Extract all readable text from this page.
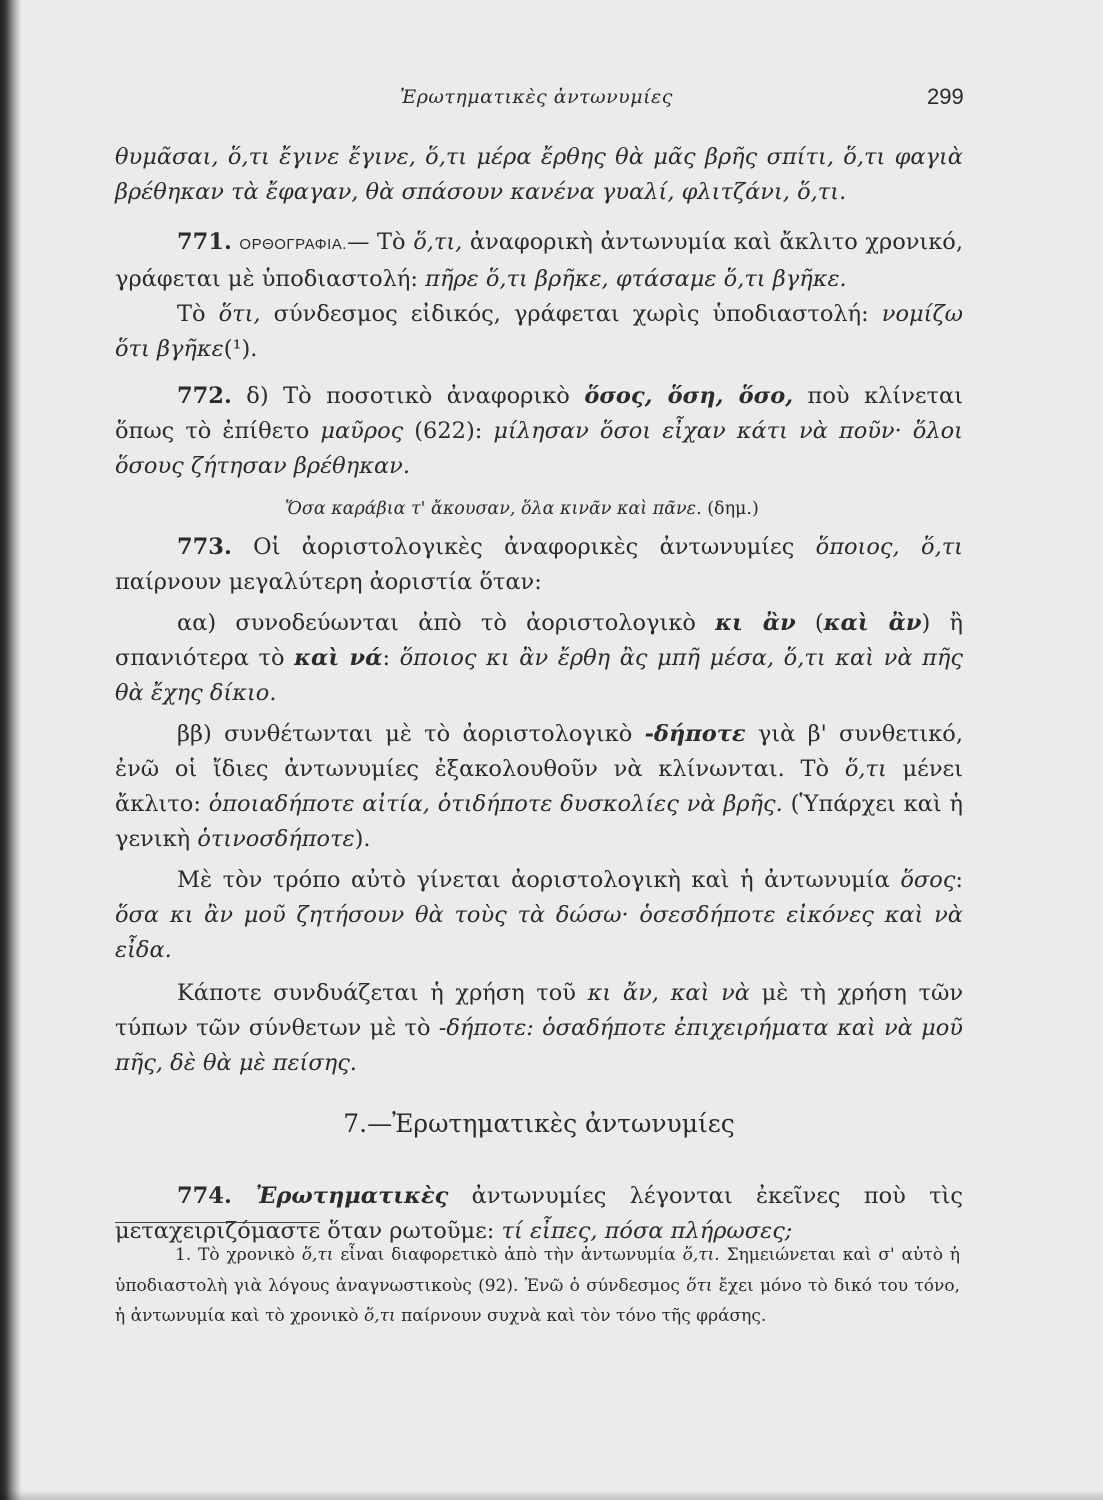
Ἐρωτηματικὲς ἀντωνυμίες	299

θυμᾶσαι, ὅ,τι ἔγινε ἔγινε, ὅ,τι μέρα ἔρθης θὰ μᾶς βρῆς σπίτι, ὅ,τι φαγιὰ βρέθηκαν τὰ ἔφαγαν, θὰ σπάσουν κανένα γυαλί, φλιτζάνι, ὅ,τι.

771. ΟΡΘΟΓΡΑΦΙΑ.— Τὸ ὅ,τι, ἀναφορικὴ ἀντωνυμία καὶ ἄκλιτο χρονικό, γράφεται μὲ ὑποδιαστολή: πῆρε ὅ,τι βρῆκε, φτάσαμε ὅ,τι βγῆκε.

Τὸ ὅτι, σύνδεσμος εἰδικός, γράφεται χωρὶς ὑποδιαστολή: νομίζω ὅτι βγῆκε(¹).

772. δ) Τὸ ποσοτικὸ ἀναφορικὸ ὅσος, ὅση, ὅσο, ποὺ κλίνεται ὅπως τὸ ἐπίθετο μαῦρος (622): μίλησαν ὅσοι εἶχαν κάτι νὰ ποῦν· ὅλοι ὅσους ζήτησαν βρέθηκαν.

Ὅσα καράβια τ' ἄκουσαν, ὅλα κινᾶν καὶ πᾶνε. (δημ.)

773. Οἱ ἀοριστολογικὲς ἀναφορικὲς ἀντωνυμίες ὅποιος, ὅ,τι παίρνουν μεγαλύτερη ἀοριστία ὅταν:

αα) συνοδεύωνται ἀπὸ τὸ ἀοριστολογικὸ κι ἂν (καὶ ἂν) ἢ σπανιότερα τὸ καὶ νά: ὅποιος κι ἂν ἔρθη ἂς μπῆ μέσα, ὅ,τι καὶ νὰ πῆς θὰ ἔχης δίκιο.

ββ) συνθέτωνται μὲ τὸ ἀοριστολογικὸ -δήποτε γιὰ β' συνθετικό, ἐνῶ οἱ ἴδιες ἀντωνυμίες ἐξακολουθοῦν νὰ κλίνωνται. Τὸ ὅ,τι μένει ἄκλιτο: ὁποιαδήποτε αἰτία, ὁτιδήποτε δυσκολίες νὰ βρῆς. (Ὑπάρχει καὶ ἡ γενικὴ ὁτινοσδήποτε).

Μὲ τὸν τρόπο αὐτὸ γίνεται ἀοριστολογικὴ καὶ ἡ ἀντωνυμία ὅσος: ὅσα κι ἂν μοῦ ζητήσουν θὰ τοὺς τὰ δώσω· ὁσεσδήποτε εἰκόνες καὶ νὰ εἶδα.

Κάποτε συνδυάζεται ἡ χρήση τοῦ κι ἄν, καὶ νὰ μὲ τὴ χρήση τῶν τύπων τῶν σύνθετων μὲ τὸ -δήποτε: ὁσαδήποτε ἐπιχειρήματα καὶ νὰ μοῦ πῆς, δὲ θὰ μὲ πείσης.

7.—Ἐρωτηματικὲς ἀντωνυμίες

774. Ἐρωτηματικὲς ἀντωνυμίες λέγονται ἐκεῖνες ποὺ τὶς μεταχειριζόμαστε ὅταν ρωτοῦμε: τί εἶπες, πόσα πλήρωσες;

1. Τὸ χρονικὸ ὅ,τι εἶναι διαφορετικὸ ἀπὸ τὴν ἀντωνυμία ὅ,τι. Σημειώνεται καὶ σ' αὐτὸ ἡ ὑποδιαστολὴ γιὰ λόγους ἀναγνωστικοὺς (92). Ἐνῶ ὁ σύνδεσμος ὅτι ἔχει μόνο τὸ δικό του τόνο, ἡ ἀντωνυμία καὶ τὸ χρονικὸ ὅ,τι παίρνουν συχνὰ καὶ τὸν τόνο τῆς φράσης.
